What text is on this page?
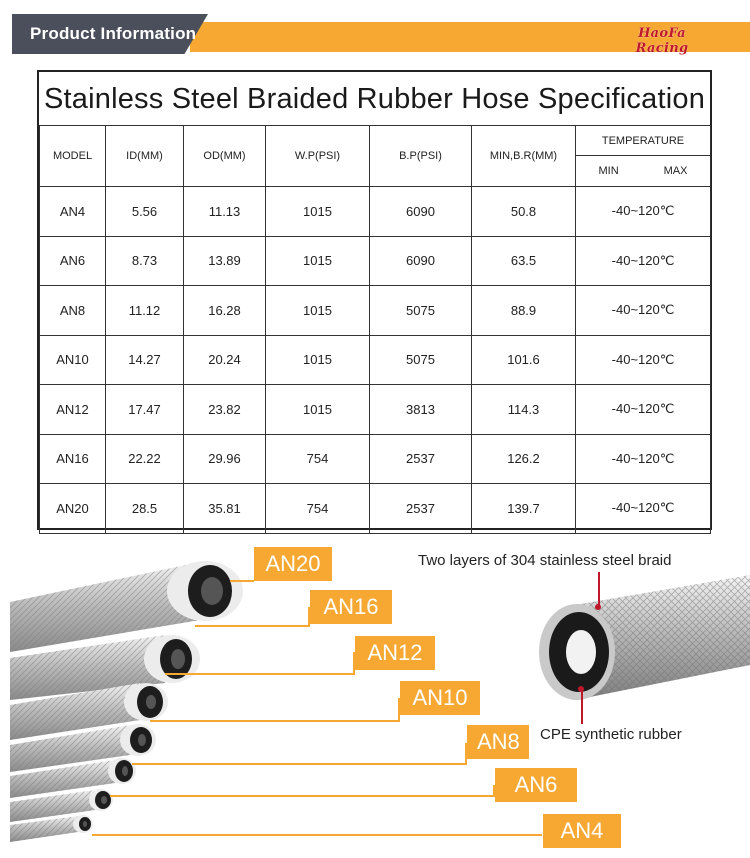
Product Information	HaoFa Racing
Stainless Steel Braided Rubber Hose Specification
MODEL	ID(MM)	OD(MM)	W.P(PSI)	B.P(PSI)	MIN,B.R(MM)	TEMPERATURE
MIN MAX

AN4	5.56	11.13	1015	6090	50.8	-40~120℃
AN6	8.73	13.89	1015	6090	63.5	-40~120℃
AN8	11.12	16.28	1015	5075	88.9	-40~120℃
AN10	14.27	20.24	1015	5075	101.6	-40~120℃
AN12	17.47	23.82	1015	3813	114.3	-40~120℃
AN16	22.22	29.96	754	2537	126.2	-40~120℃
AN20	28.5	35.81	754	2537	139.7	-40~120℃
AN20
AN16
AN12
AN10
AN8
AN6
AN4
Two layers of 304 stainless steel braid
CPE synthetic rubber
